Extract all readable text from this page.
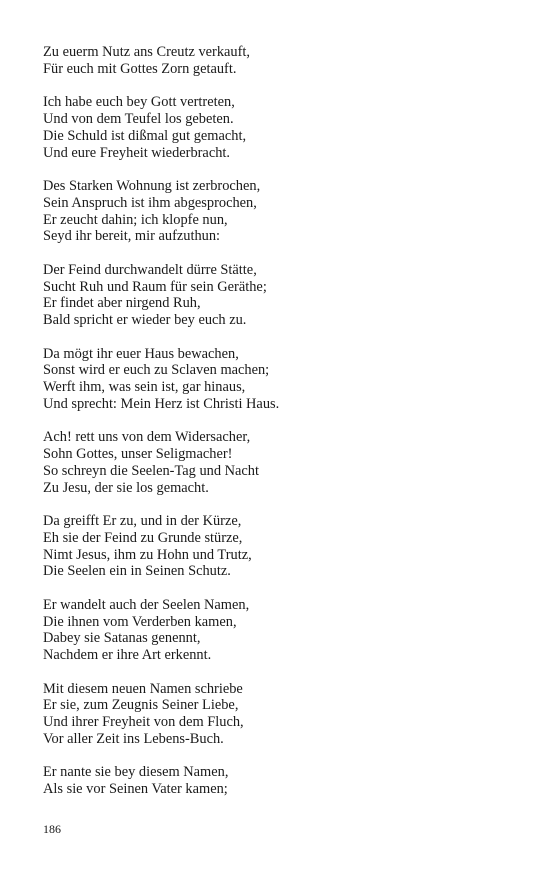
Zu euerm Nutz ans Creutz verkauft,
Für euch mit Gottes Zorn getauft.
Ich habe euch bey Gott vertreten,
Und von dem Teufel los gebeten.
Die Schuld ist dißmal gut gemacht,
Und eure Freyheit wiederbracht.
Des Starken Wohnung ist zerbrochen,
Sein Anspruch ist ihm abgesprochen,
Er zeucht dahin; ich klopfe nun,
Seyd ihr bereit, mir aufzuthun:
Der Feind durchwandelt dürre Stätte,
Sucht Ruh und Raum für sein Geräthe;
Er findet aber nirgend Ruh,
Bald spricht er wieder bey euch zu.
Da mögt ihr euer Haus bewachen,
Sonst wird er euch zu Sclaven machen;
Werft ihm, was sein ist, gar hinaus,
Und sprecht: Mein Herz ist Christi Haus.
Ach! rett uns von dem Widersacher,
Sohn Gottes, unser Seligmacher!
So schreyn die Seelen-Tag und Nacht
Zu Jesu, der sie los gemacht.
Da greifft Er zu, und in der Kürze,
Eh sie der Feind zu Grunde stürze,
Nimt Jesus, ihm zu Hohn und Trutz,
Die Seelen ein in Seinen Schutz.
Er wandelt auch der Seelen Namen,
Die ihnen vom Verderben kamen,
Dabey sie Satanas genennt,
Nachdem er ihre Art erkennt.
Mit diesem neuen Namen schriebe
Er sie, zum Zeugnis Seiner Liebe,
Und ihrer Freyheit von dem Fluch,
Vor aller Zeit ins Lebens-Buch.
Er nante sie bey diesem Namen,
Als sie vor Seinen Vater kamen;
186
